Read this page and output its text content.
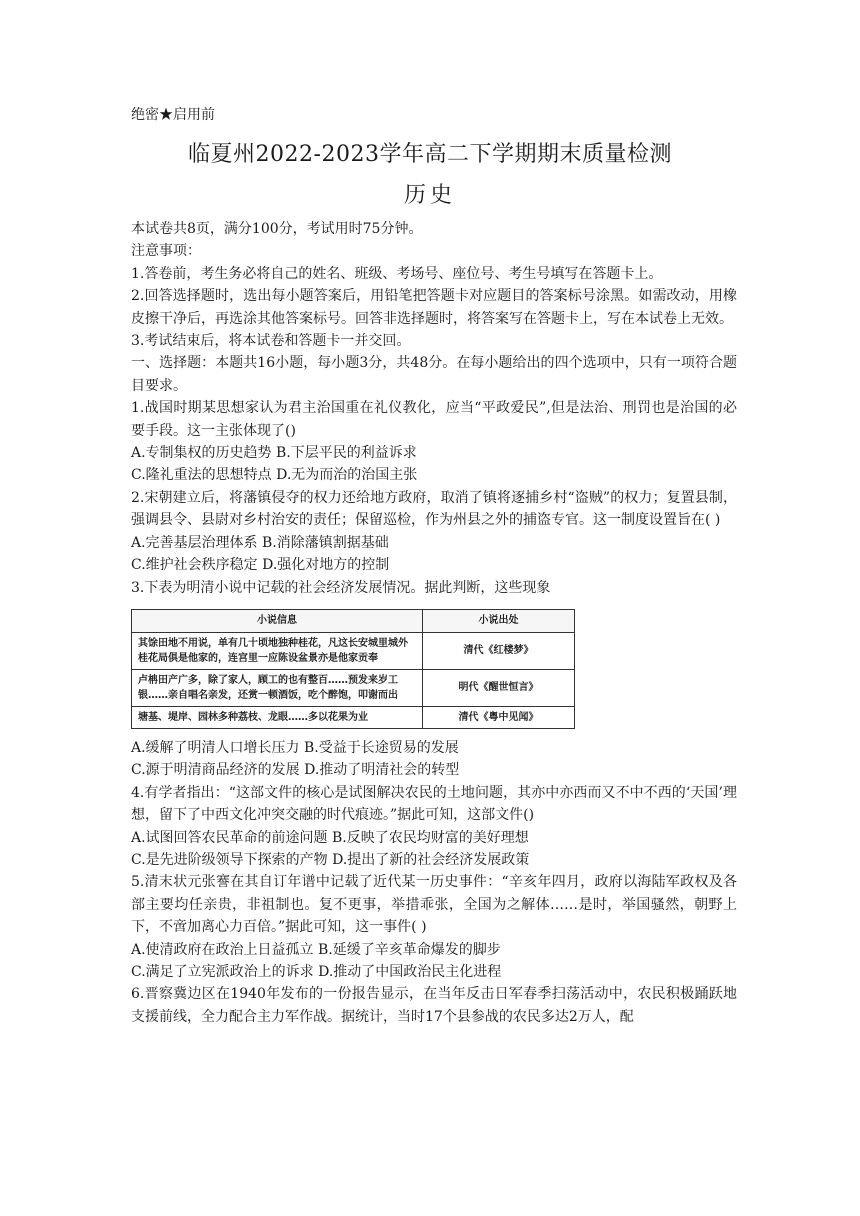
绝密★启用前
临夏州2022-2023学年高二下学期期末质量检测
历史

本试卷共8页，满分100分，考试用时75分钟。

注意事项：

1.答卷前，考生务必将自己的姓名、班级、考场号、座位号、考生号填写在答题卡上。

2.回答选择题时，选出每小题答案后，用铅笔把答题卡对应题目的答案标号涂黑。如需改动，用橡皮擦干净后，再选涂其他答案标号。回答非选择题时，将答案写在答题卡上，写在本试卷上无效。

3.考试结束后，将本试卷和答题卡一并交回。

一、选择题：本题共16小题，每小题3分，共48分。在每小题给出的四个选项中，只有一项符合题目要求。

1.战国时期某思想家认为君主治国重在礼仪教化，应当“平政爱民”,但是法治、刑罚也是治国的必要手段。这一主张体现了()

A.专制集权的历史趋势 B.下层平民的利益诉求

C.隆礼重法的思想特点 D.无为而治的治国主张

2.宋朝建立后，将藩镇侵夺的权力还给地方政府，取消了镇将逐捕乡村“盗贼”的权力；复置县制，强调县令、县尉对乡村治安的责任；保留巡检，作为州县之外的捕盗专官。这一制度设置旨在( )

A.完善基层治理体系 B.消除藩镇割据基础

C.维护社会秩序稳定 D.强化对地方的控制

3.下表为明清小说中记载的社会经济发展情况。据此判断，这些现象

小说信息	小说出处
其馀田地不用说，单有几十顷地独种桂花，凡这长安城里城外桂花局俱是他家的，连宫里一应陈设盆景亦是他家贡奉	清代《红楼梦》
卢柟田产广多，除了家人，顾工的也有整百……预发来岁工银……亲自唱名亲发，还赏一顿酒饭，吃个醉饱，叩谢而出	明代《醒世恒言》
塘基、堤岸、园林多种荔枝、龙眼……多以花果为业	清代《粤中见闻》

A.缓解了明清人口增长压力 B.受益于长途贸易的发展

C.源于明清商品经济的发展 D.推动了明清社会的转型

4.有学者指出：“这部文件的核心是试图解决农民的土地问题，其亦中亦西而又不中不西的‘天国’理想，留下了中西文化冲突交融的时代痕迹。”据此可知，这部文件()

A.试图回答农民革命的前途问题 B.反映了农民均财富的美好理想

C.是先进阶级领导下探索的产物 D.提出了新的社会经济发展政策

5.清末状元张謇在其自订年谱中记载了近代某一历史事件：“辛亥年四月，政府以海陆军政权及各部主要均任亲贵，非祖制也。复不更事，举措乖张，全国为之解体……是时，举国骚然，朝野上下，不啻加离心力百倍。”据此可知，这一事件( )

A.使清政府在政治上日益孤立 B.延缓了辛亥革命爆发的脚步

C.满足了立宪派政治上的诉求 D.推动了中国政治民主化进程

6.晋察冀边区在1940年发布的一份报告显示，在当年反击日军春季扫荡活动中，农民积极踊跃地支援前线，全力配合主力军作战。据统计，当时17个县参战的农民多达2万人，配
